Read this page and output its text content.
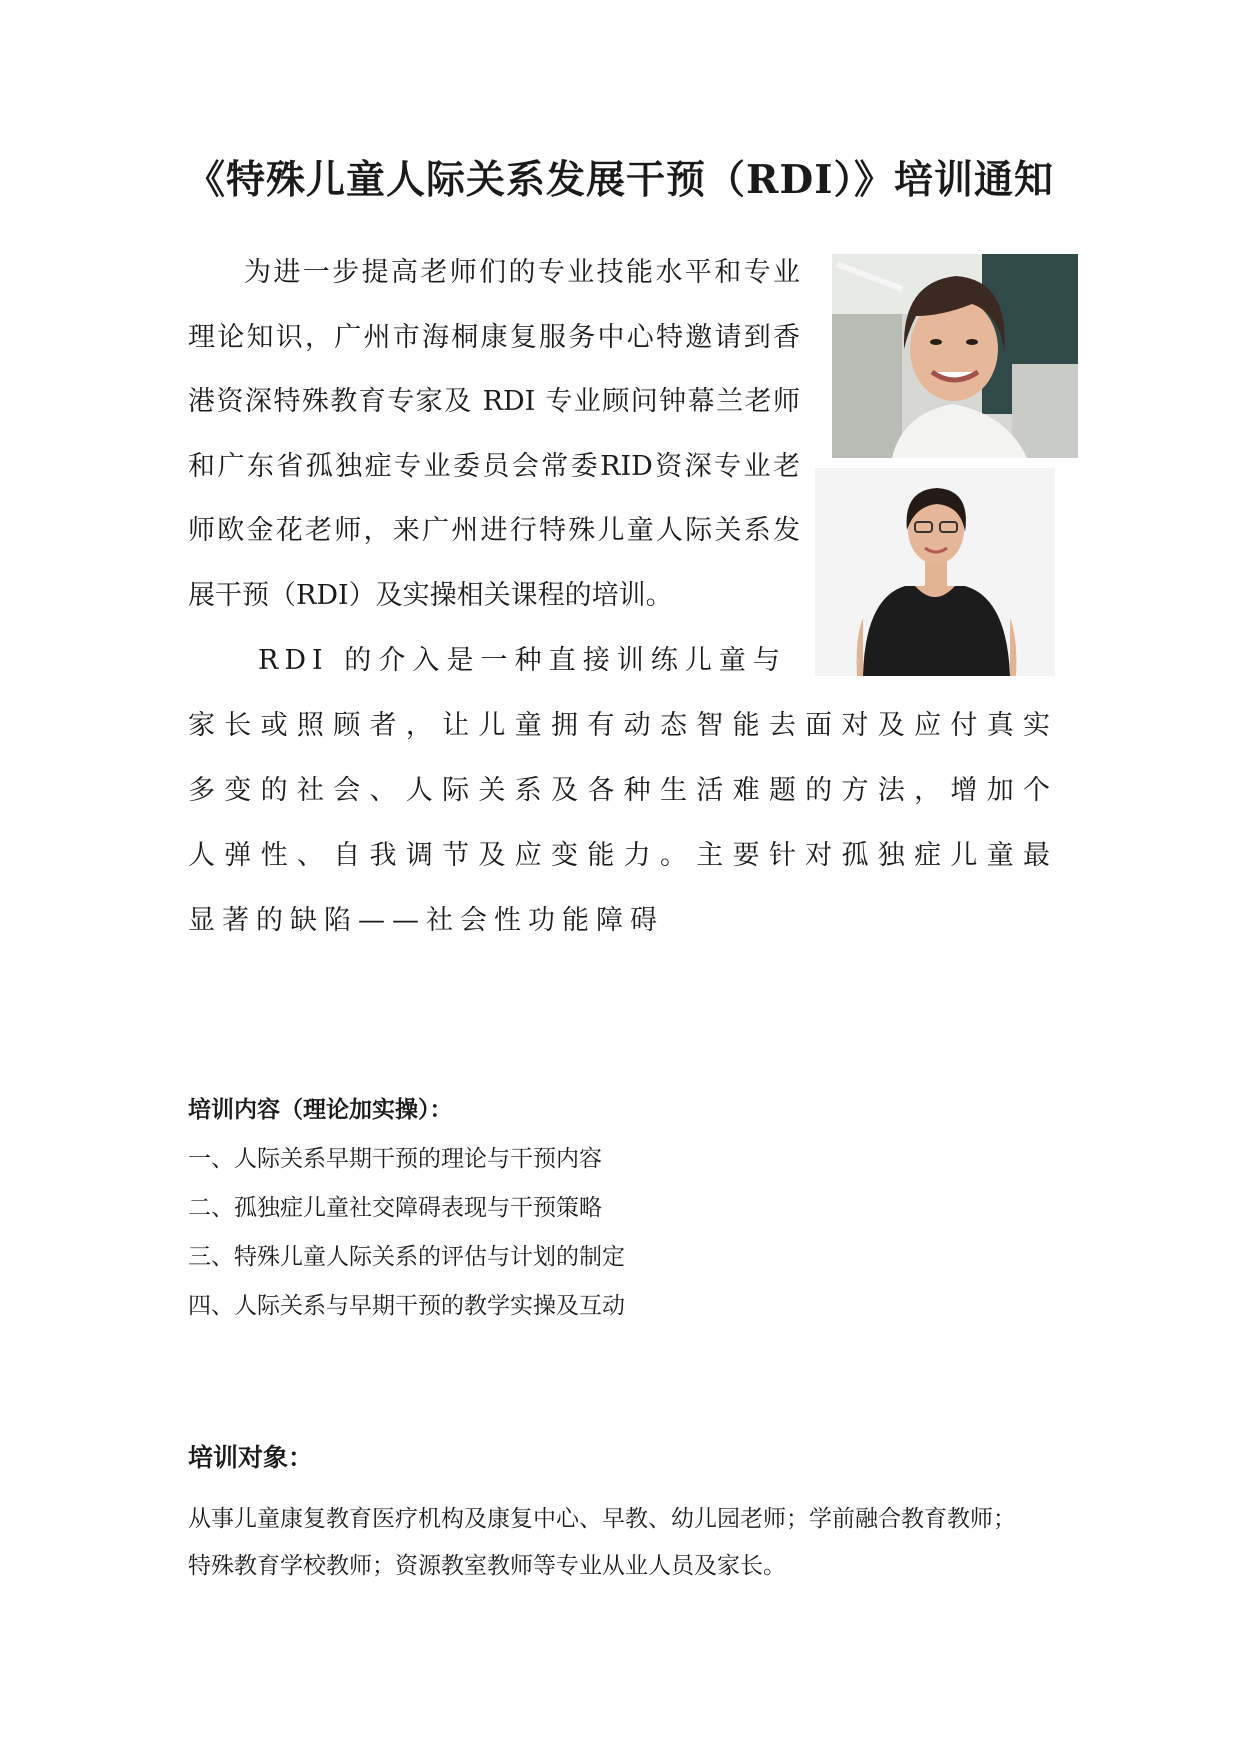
《特殊儿童人际关系发展干预（RDI）》培训通知
为进一步提高老师们的专业技能水平和专业
理论知识，广州市海桐康复服务中心特邀请到香
港资深特殊教育专家及 RDI 专业顾问钟幕兰老师
和广东省孤独症专业委员会常委RID资深专业老
师欧金花老师，来广州进行特殊儿童人际关系发
展干预（RDI）及实操相关课程的培训。
RDI 的介入是一种直接训练儿童与
家长或照顾者，让儿童拥有动态智能去面对及应付真实
多变的社会、人际关系及各种生活难题的方法，增加个
人弹性、自我调节及应变能力。主要针对孤独症儿童最
显著的缺陷——社会性功能障碍
培训内容（理论加实操）：
一、人际关系早期干预的理论与干预内容
二、孤独症儿童社交障碍表现与干预策略
三、特殊儿童人际关系的评估与计划的制定
四、人际关系与早期干预的教学实操及互动
培训对象：
从事儿童康复教育医疗机构及康复中心、早教、幼儿园老师；学前融合教育教师；
特殊教育学校教师；资源教室教师等专业从业人员及家长。
